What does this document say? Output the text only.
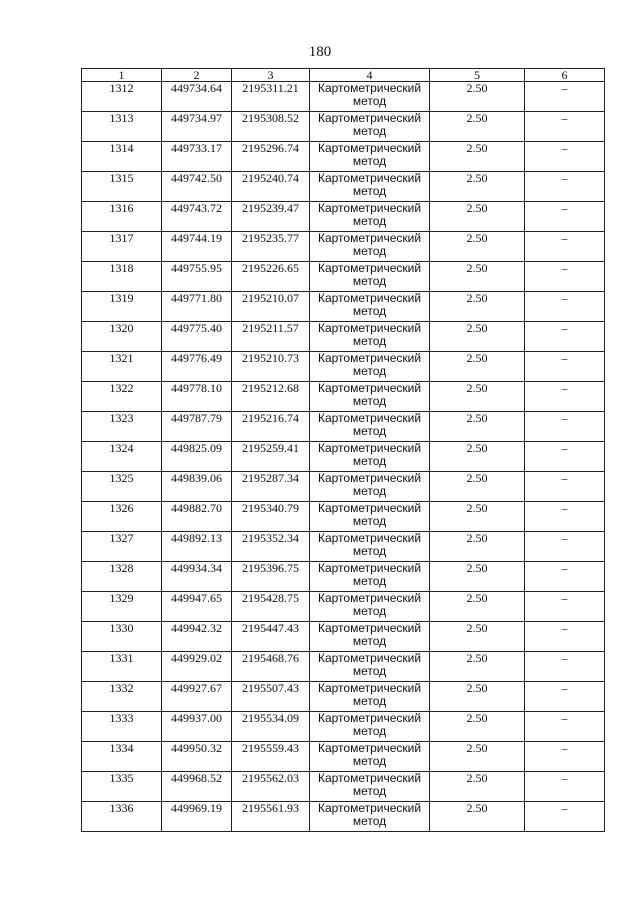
180
1	2	3	4	5	6
1312	449734.64	2195311.21	Картометрический метод	2.50	–
1313	449734.97	2195308.52	Картометрический метод	2.50	–
1314	449733.17	2195296.74	Картометрический метод	2.50	–
1315	449742.50	2195240.74	Картометрический метод	2.50	–
1316	449743.72	2195239.47	Картометрический метод	2.50	–
1317	449744.19	2195235.77	Картометрический метод	2.50	–
1318	449755.95	2195226.65	Картометрический метод	2.50	–
1319	449771.80	2195210.07	Картометрический метод	2.50	–
1320	449775.40	2195211.57	Картометрический метод	2.50	–
1321	449776.49	2195210.73	Картометрический метод	2.50	–
1322	449778.10	2195212.68	Картометрический метод	2.50	–
1323	449787.79	2195216.74	Картометрический метод	2.50	–
1324	449825.09	2195259.41	Картометрический метод	2.50	–
1325	449839.06	2195287.34	Картометрический метод	2.50	–
1326	449882.70	2195340.79	Картометрический метод	2.50	–
1327	449892.13	2195352.34	Картометрический метод	2.50	–
1328	449934.34	2195396.75	Картометрический метод	2.50	–
1329	449947.65	2195428.75	Картометрический метод	2.50	–
1330	449942.32	2195447.43	Картометрический метод	2.50	–
1331	449929.02	2195468.76	Картометрический метод	2.50	–
1332	449927.67	2195507.43	Картометрический метод	2.50	–
1333	449937.00	2195534.09	Картометрический метод	2.50	–
1334	449950.32	2195559.43	Картометрический метод	2.50	–
1335	449968.52	2195562.03	Картометрический метод	2.50	–
1336	449969.19	2195561.93	Картометрический метод	2.50	–
